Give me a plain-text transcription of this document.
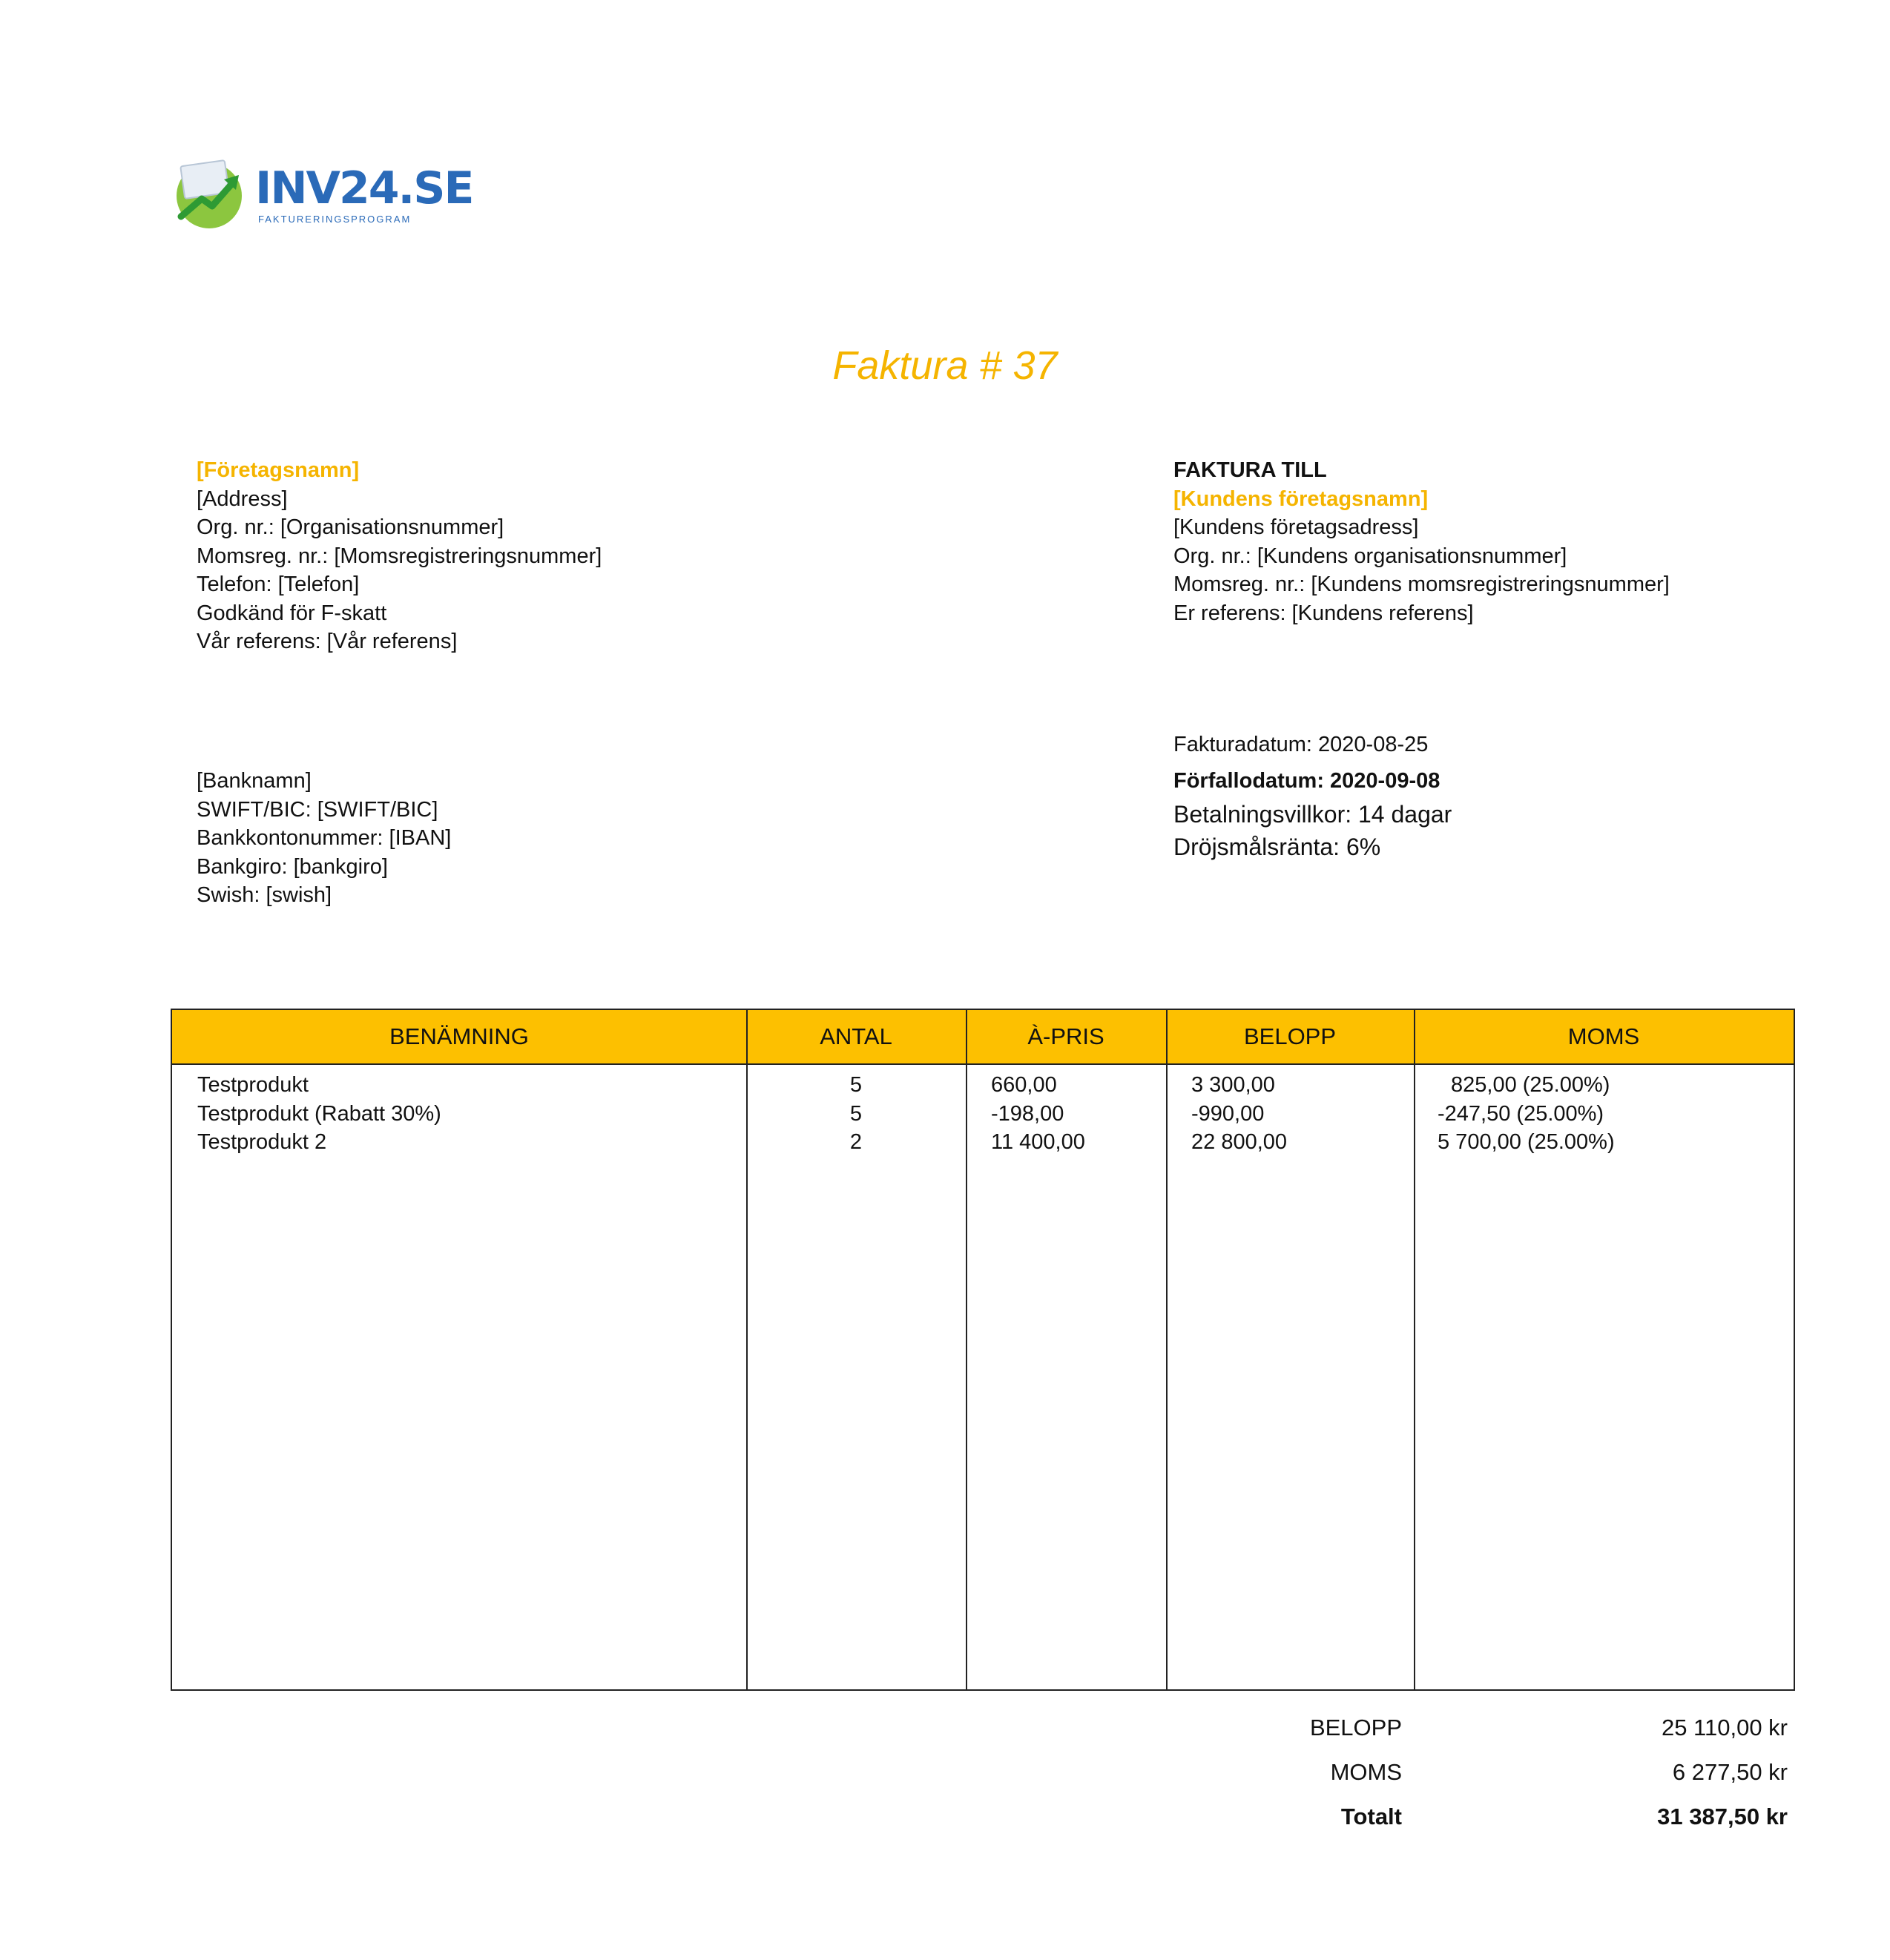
INV24.SE
FAKTURERINGSPROGRAM
Faktura # 37
[Företagsnamn]
[Address]
Org. nr.: [Organisationsnummer]
Momsreg. nr.: [Momsregistreringsnummer]
Telefon: [Telefon]
Godkänd för F-skatt
Vår referens: [Vår referens]
FAKTURA TILL
[Kundens företagsnamn]
[Kundens företagsadress]
Org. nr.: [Kundens organisationsnummer]
Momsreg. nr.: [Kundens momsregistreringsnummer]
Er referens: [Kundens referens]
[Banknamn]
SWIFT/BIC: [SWIFT/BIC]
Bankkontonummer: [IBAN]
Bankgiro: [bankgiro]
Swish: [swish]
Fakturadatum: 2020-08-25
Förfallodatum: 2020-09-08
Betalningsvillkor: 14 dagar
Dröjsmålsränta: 6%
BENÄMNING	ANTAL	À-PRIS	BELOPP	MOMS
Testprodukt	5	660,00	3 300,00	825,00 (25.00%)
Testprodukt (Rabatt 30%)	5	-198,00	-990,00	-247,50 (25.00%)
Testprodukt 2	2	11 400,00	22 800,00	5 700,00 (25.00%)
BELOPP	25 110,00 kr
MOMS	6 277,50 kr
Totalt	31 387,50 kr
